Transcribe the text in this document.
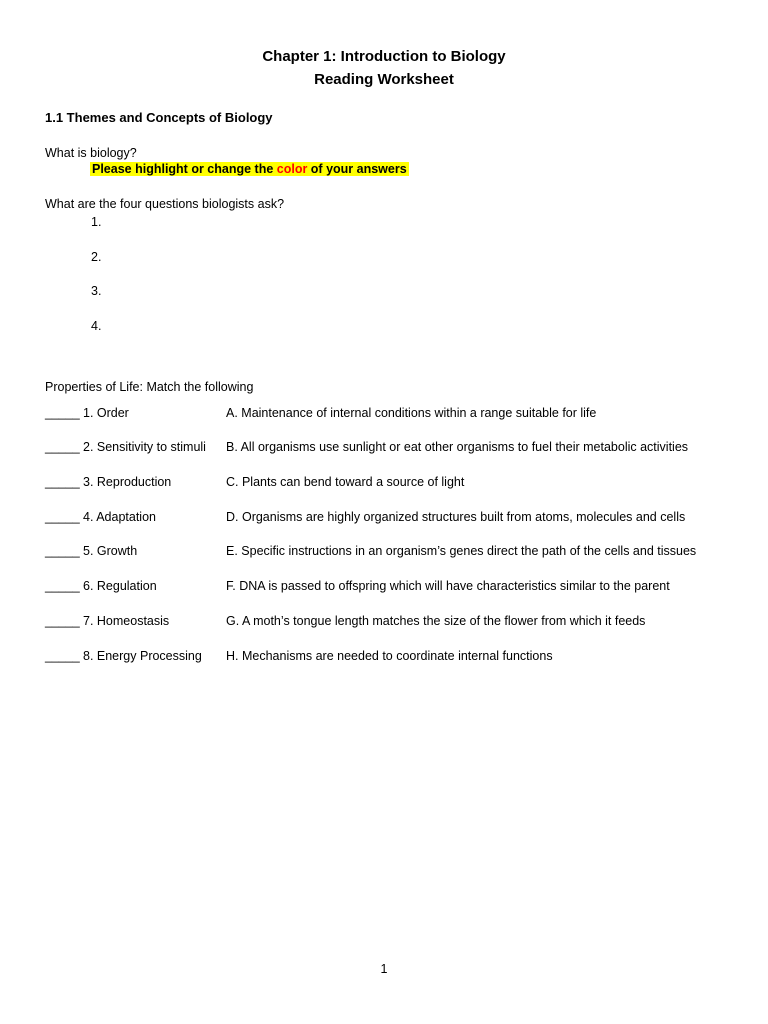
Chapter 1: Introduction to Biology
Reading Worksheet
1.1 Themes and Concepts of Biology
What is biology?
Please highlight or change the color of your answers
What are the four questions biologists ask?
1.
2.
3.
4.
Properties of Life: Match the following
_____ 1. Order	A. Maintenance of internal conditions within a range suitable for life
_____ 2. Sensitivity to stimuli B. All organisms use sunlight or eat other organisms to fuel their metabolic activities
_____ 3. Reproduction	C. Plants can bend toward a source of light
_____ 4. Adaptation	D. Organisms are highly organized structures built from atoms, molecules and cells
_____ 5. Growth	E. Specific instructions in an organism’s genes direct the path of the cells and tissues
_____ 6. Regulation	F. DNA is passed to offspring which will have characteristics similar to the parent
_____ 7. Homeostasis	G. A moth’s tongue length matches the size of the flower from which it feeds
_____ 8. Energy Processing H. Mechanisms are needed to coordinate internal functions
1
